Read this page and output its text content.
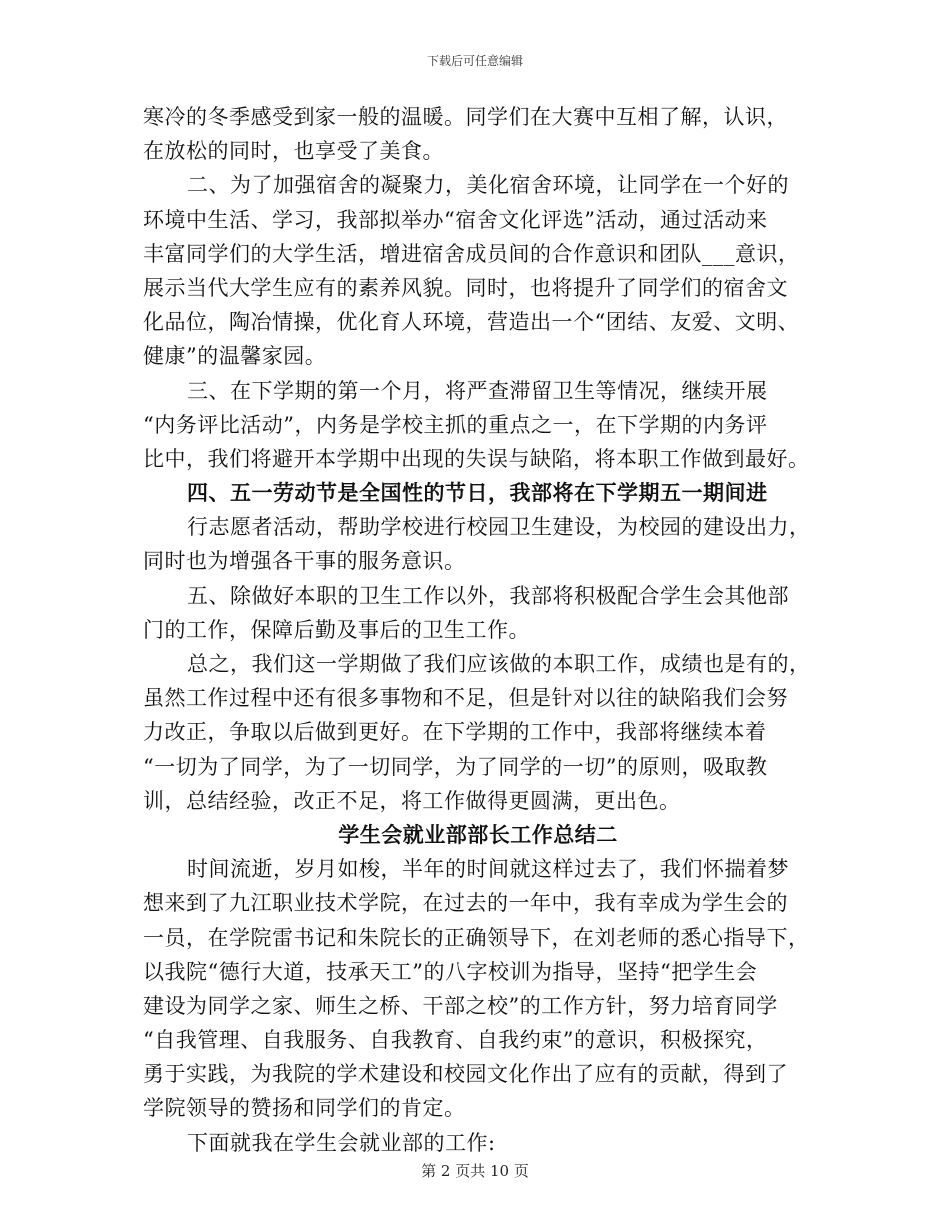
下载后可任意编辑
寒冷的冬季感受到家一般的温暖。同学们在大赛中互相了解，认识，
在放松的同时，也享受了美食。
二、为了加强宿舍的凝聚力，美化宿舍环境，让同学在一个好的
环境中生活、学习，我部拟举办“宿舍文化评选”活动，通过活动来
丰富同学们的大学生活，增进宿舍成员间的合作意识和团队___意识，
展示当代大学生应有的素养风貌。同时，也将提升了同学们的宿舍文
化品位，陶冶情操，优化育人环境，营造出一个“团结、友爱、文明、
健康”的温馨家园。
三、在下学期的第一个月，将严查滞留卫生等情况，继续开展
“内务评比活动”，内务是学校主抓的重点之一，在下学期的内务评
比中，我们将避开本学期中出现的失误与缺陷，将本职工作做到最好。
四、五一劳动节是全国性的节日，我部将在下学期五一期间进
行志愿者活动，帮助学校进行校园卫生建设，为校园的建设出力，
同时也为增强各干事的服务意识。
五、除做好本职的卫生工作以外，我部将积极配合学生会其他部
门的工作，保障后勤及事后的卫生工作。
总之，我们这一学期做了我们应该做的本职工作，成绩也是有的，
虽然工作过程中还有很多事物和不足，但是针对以往的缺陷我们会努
力改正，争取以后做到更好。在下学期的工作中，我部将继续本着
“一切为了同学，为了一切同学，为了同学的一切”的原则，吸取教
训，总结经验，改正不足，将工作做得更圆满，更出色。
学生会就业部部长工作总结二
时间流逝，岁月如梭，半年的时间就这样过去了，我们怀揣着梦
想来到了九江职业技术学院，在过去的一年中，我有幸成为学生会的
一员，在学院雷书记和朱院长的正确领导下，在刘老师的悉心指导下，
以我院“德行大道，技承天工”的八字校训为指导，坚持“把学生会
建设为同学之家、师生之桥、干部之校”的工作方针，努力培育同学
“自我管理、自我服务、自我教育、自我约束”的意识，积极探究，
勇于实践，为我院的学术建设和校园文化作出了应有的贡献，得到了
学院领导的赞扬和同学们的肯定。
下面就我在学生会就业部的工作:
第 2 页共 10 页
